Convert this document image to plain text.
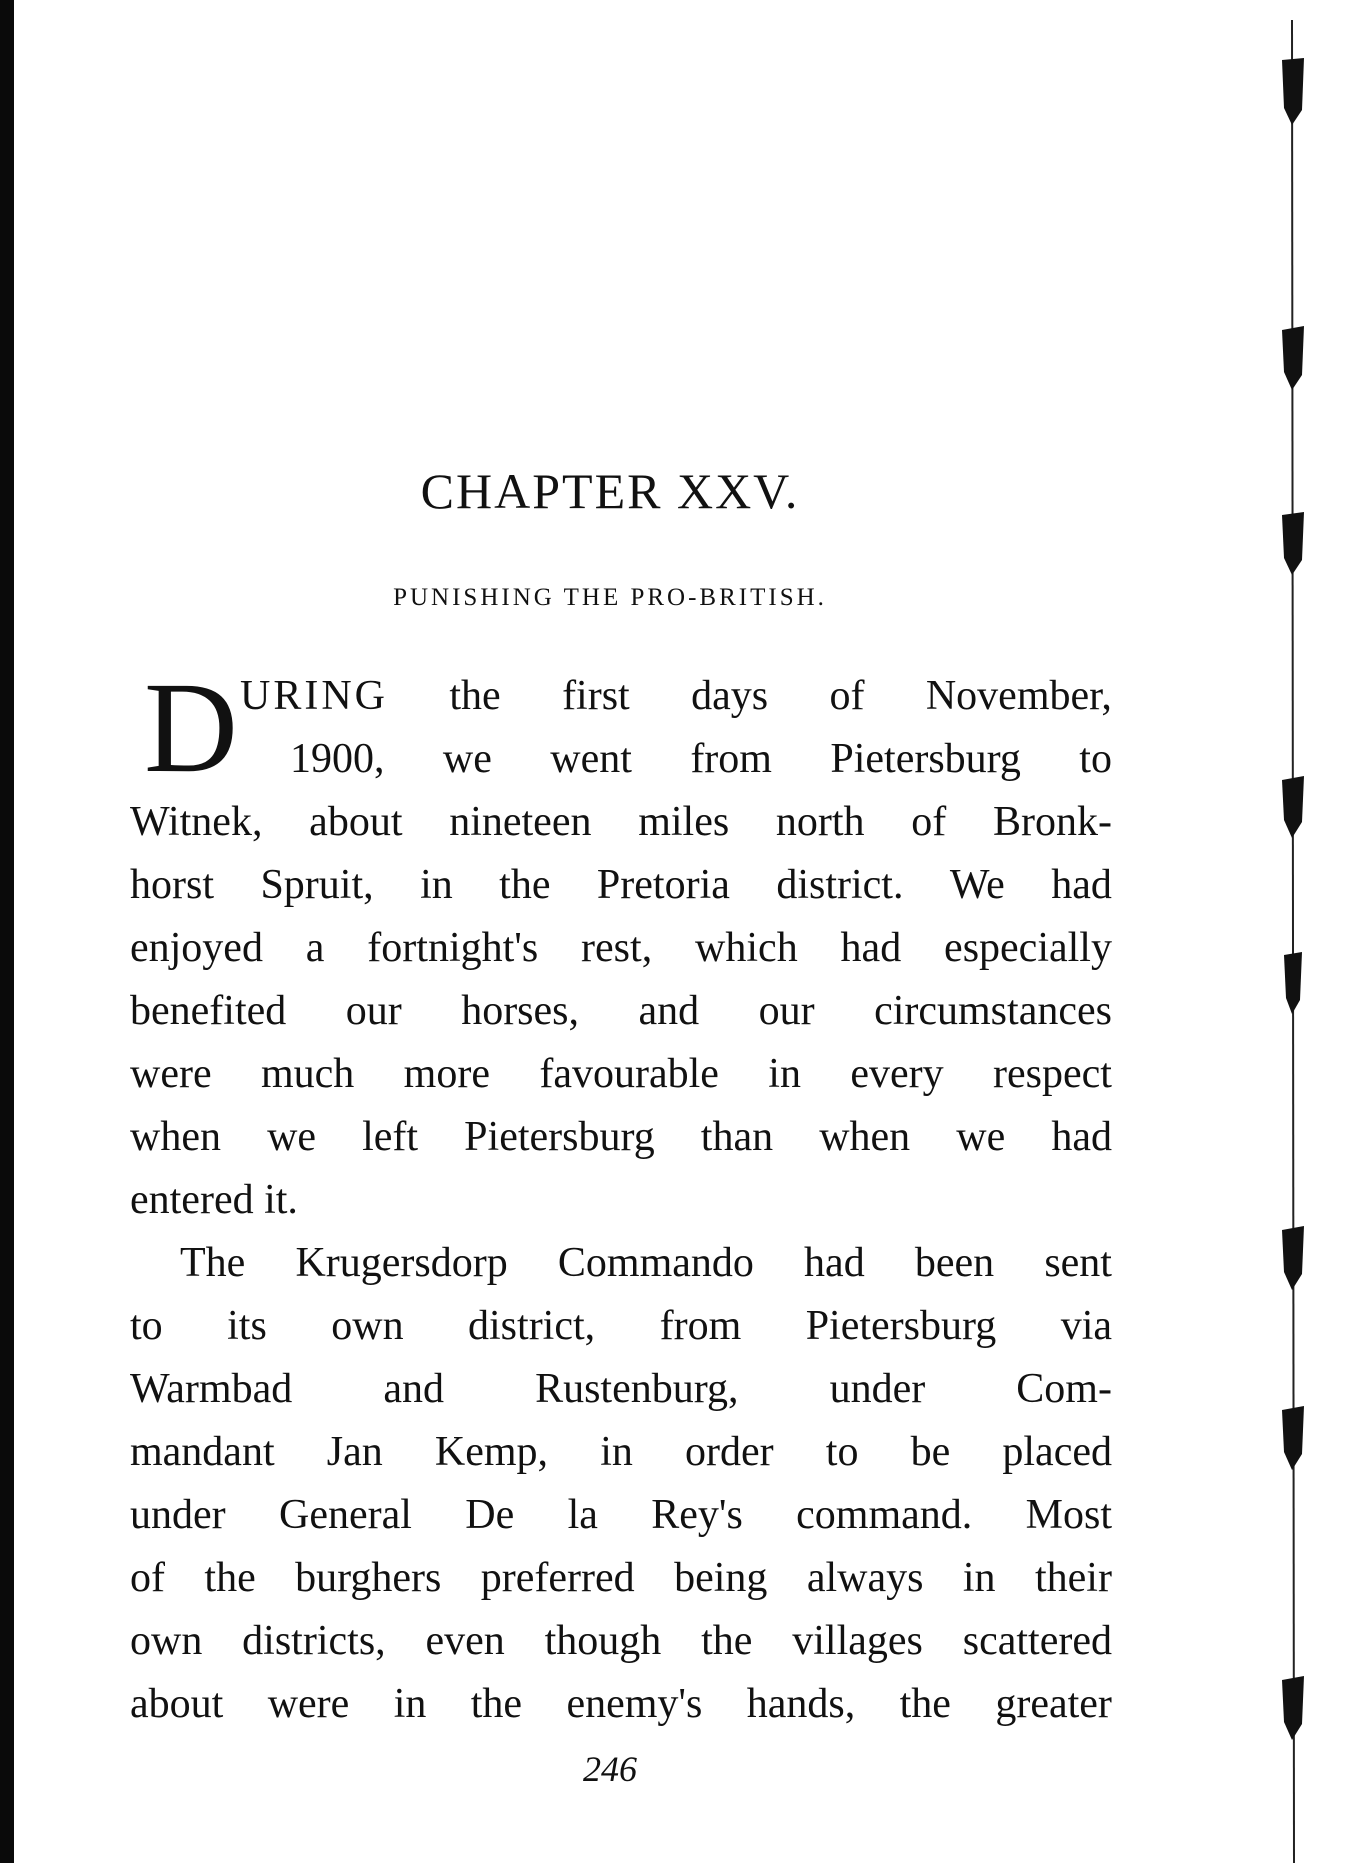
CHAPTER XXV.
PUNISHING THE PRO-BRITISH.
D URING the first days of November,
1900, we went from Pietersburg to
Witnek, about nineteen miles north of Bronk-
horst Spruit, in the Pretoria district. We had
enjoyed a fortnight's rest, which had especially
benefited our horses, and our circumstances
were much more favourable in every respect
when we left Pietersburg than when we had
entered it.
The Krugersdorp Commando had been sent
to its own district, from Pietersburg via
Warmbad and Rustenburg, under Com-
mandant Jan Kemp, in order to be placed
under General De la Rey's command. Most
of the burghers preferred being always in their
own districts, even though the villages scattered
about were in the enemy's hands, the greater

246
